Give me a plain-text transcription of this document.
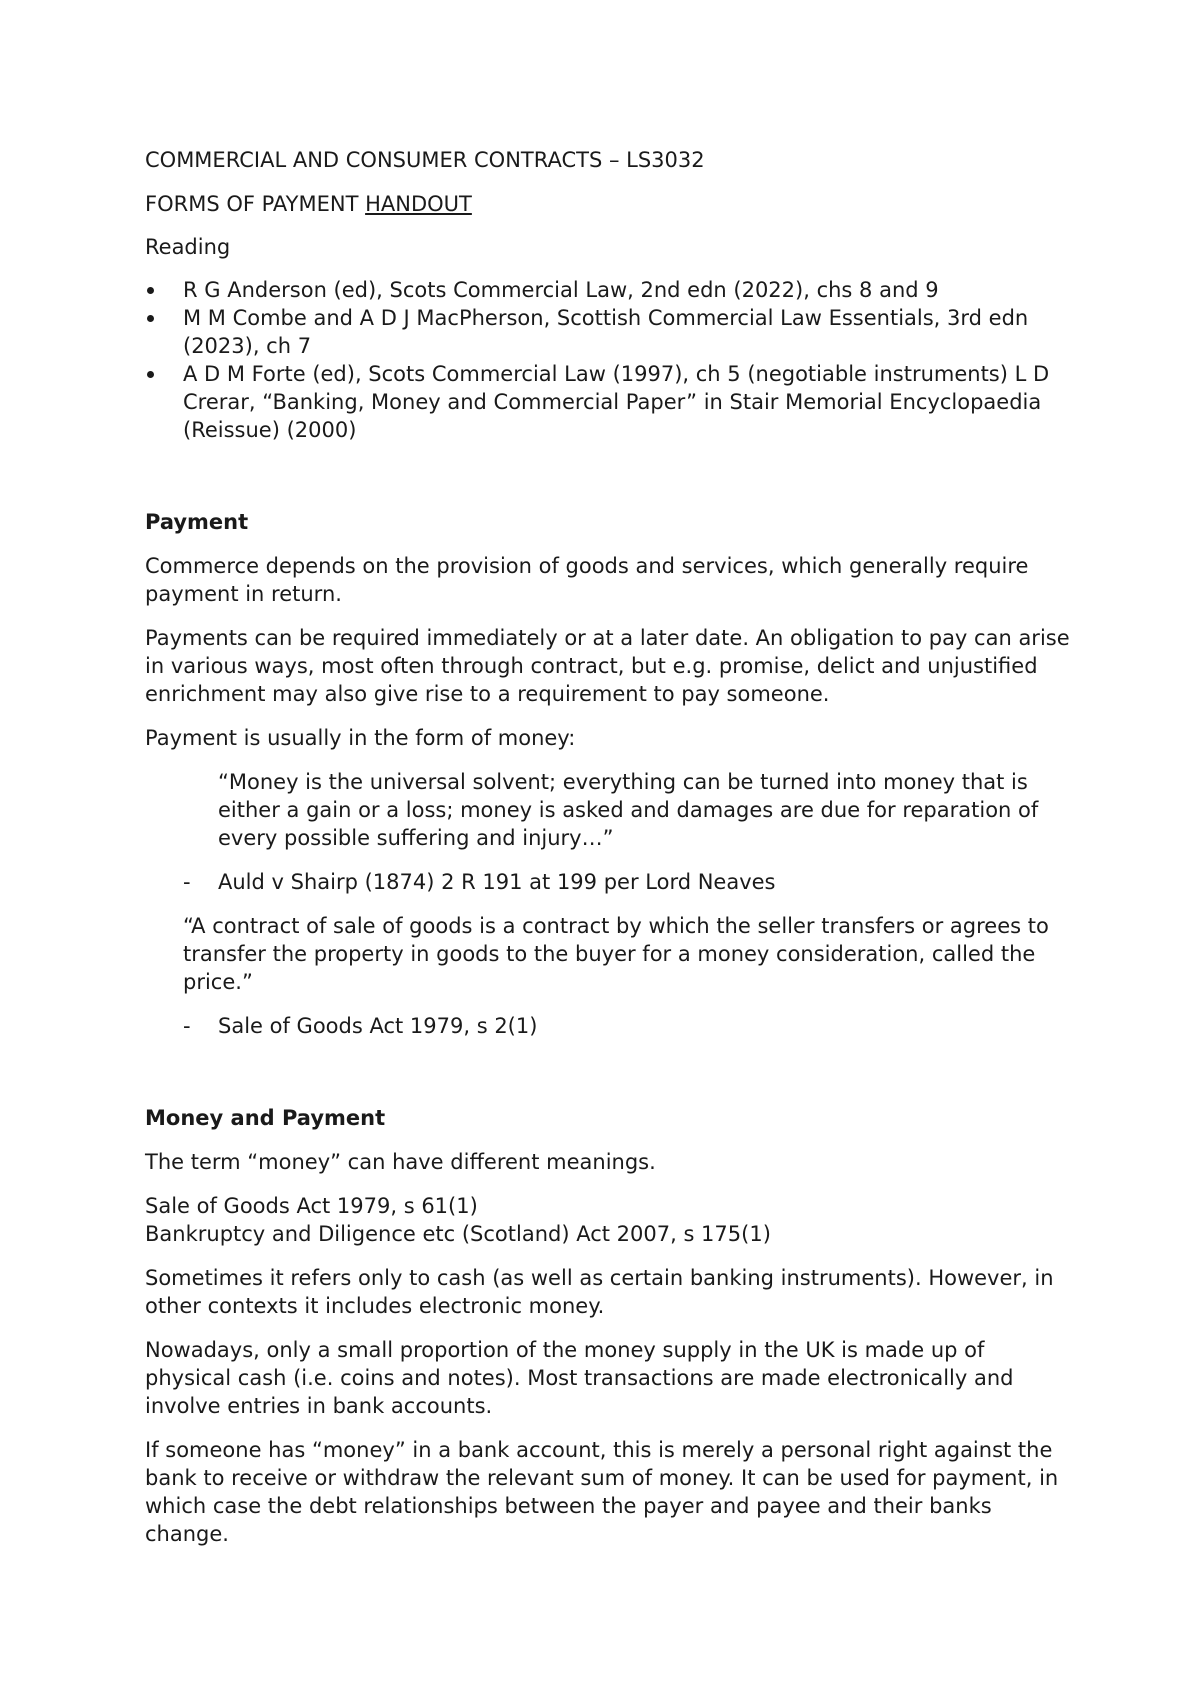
COMMERCIAL AND CONSUMER CONTRACTS – LS3032

FORMS OF PAYMENT HANDOUT

Reading

R G Anderson (ed), Scots Commercial Law, 2nd edn (2022), chs 8 and 9
M M Combe and A D J MacPherson, Scottish Commercial Law Essentials, 3rd edn (2023), ch 7
A D M Forte (ed), Scots Commercial Law (1997), ch 5 (negotiable instruments) L D Crerar, “Banking, Money and Commercial Paper” in Stair Memorial Encyclopaedia (Reissue) (2000)

Payment

Commerce depends on the provision of goods and services, which generally require payment in return.

Payments can be required immediately or at a later date. An obligation to pay can arise in various ways, most often through contract, but e.g. promise, delict and unjustified enrichment may also give rise to a requirement to pay someone.

Payment is usually in the form of money:

“Money is the universal solvent; everything can be turned into money that is either a gain or a loss; money is asked and damages are due for reparation of every possible suffering and injury…”

- Auld v Shairp (1874) 2 R 191 at 199 per Lord Neaves

“A contract of sale of goods is a contract by which the seller transfers or agrees to transfer the property in goods to the buyer for a money consideration, called the price.”

- Sale of Goods Act 1979, s 2(1)

Money and Payment

The term “money” can have different meanings.

Sale of Goods Act 1979, s 61(1)
Bankruptcy and Diligence etc (Scotland) Act 2007, s 175(1)

Sometimes it refers only to cash (as well as certain banking instruments). However, in other contexts it includes electronic money.

Nowadays, only a small proportion of the money supply in the UK is made up of physical cash (i.e. coins and notes). Most transactions are made electronically and involve entries in bank accounts.

If someone has “money” in a bank account, this is merely a personal right against the bank to receive or withdraw the relevant sum of money. It can be used for payment, in which case the debt relationships between the payer and payee and their banks change.
